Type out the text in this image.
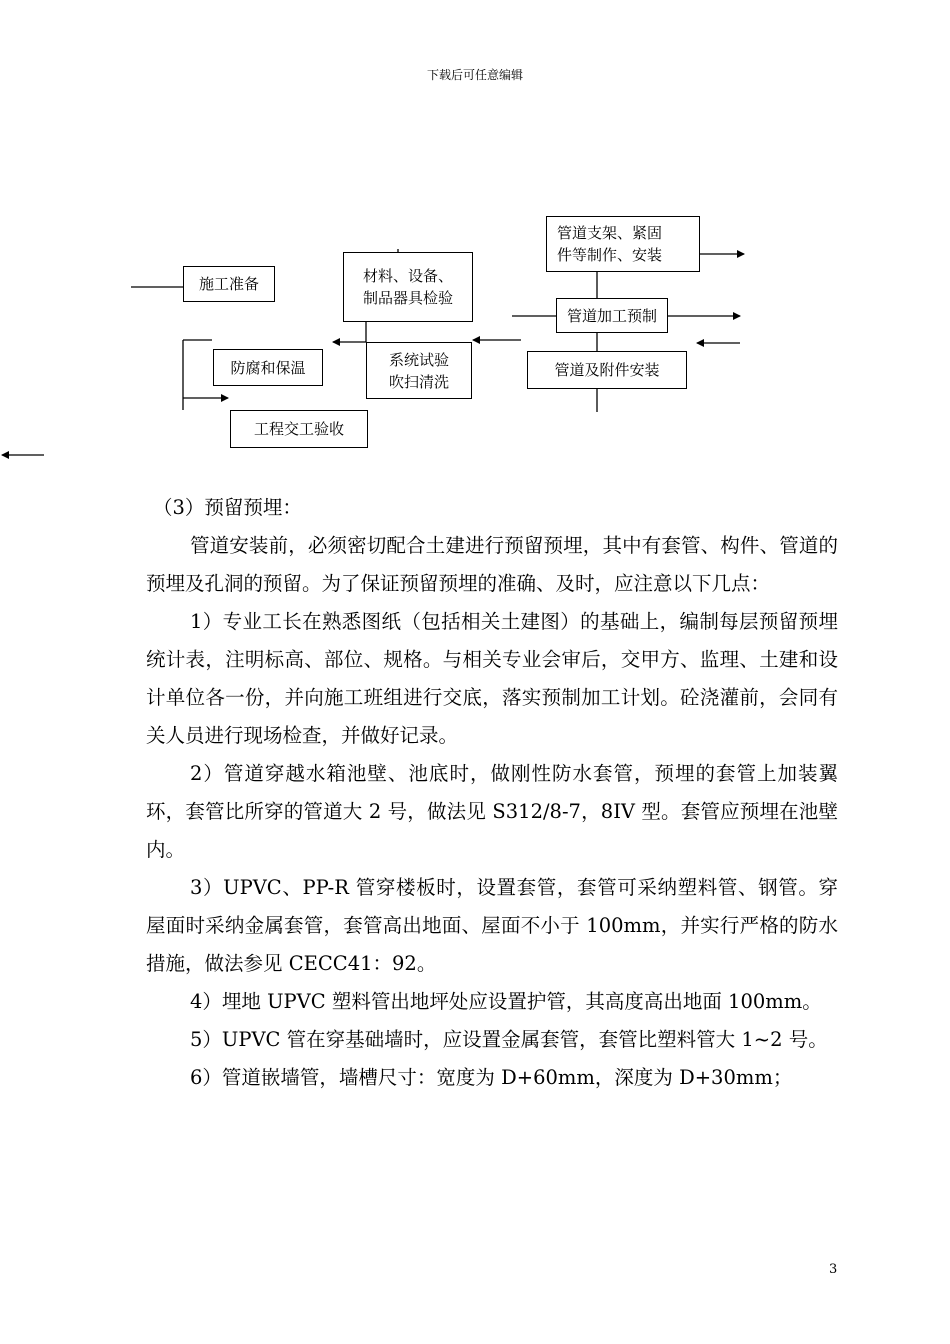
下载后可任意编辑
施工准备	材料、设备、
制品器具检验
管道支架、紧固
件等制作、安装
管道加工预制
管道及附件安装
系统试验
吹扫清洗
防腐和保温
工程交工验收

（3）预留预埋：

管道安装前，必须密切配合土建进行预留预埋，其中有套管、构件、管道的预埋及孔洞的预留。为了保证预留预埋的准确、及时，应注意以下几点：

1）专业工长在熟悉图纸（包括相关土建图）的基础上，编制每层预留预埋统计表，注明标高、部位、规格。与相关专业会审后，交甲方、监理、土建和设计单位各一份，并向施工班组进行交底，落实预制加工计划。砼浇灌前，会同有关人员进行现场检查，并做好记录。

2）管道穿越水箱池壁、池底时，做刚性防水套管，预埋的套管上加装翼环，套管比所穿的管道大 2 号，做法见 S312/8-7，8IV 型。套管应预埋在池壁内。

3）UPVC、PP-R 管穿楼板时，设置套管，套管可采纳塑料管、钢管。穿屋面时采纳金属套管，套管高出地面、屋面不小于 100mm，并实行严格的防水措施，做法参见 CECC41：92。

4）埋地 UPVC 塑料管出地坪处应设置护管，其高度高出地面 100mm。

5）UPVC 管在穿基础墙时，应设置金属套管，套管比塑料管大 1~2 号。

6）管道嵌墙管，墙槽尺寸：宽度为 D+60mm，深度为 D+30mm；

3
